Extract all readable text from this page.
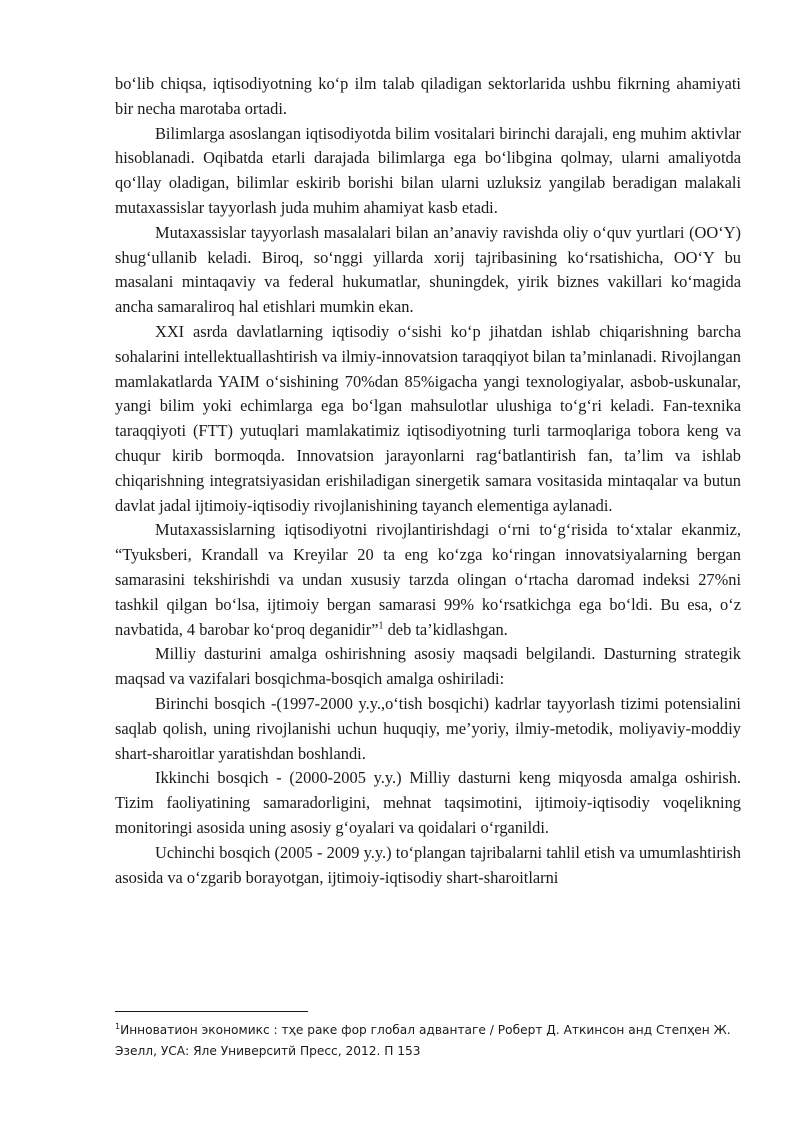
bo‘lib chiqsa, iqtisodiyotning ko‘p ilm talab qiladigan sektorlarida ushbu fikrning ahamiyati bir necha marotaba ortadi.

Bilimlarga asoslangan iqtisodiyotda bilim vositalari birinchi darajali, eng muhim aktivlar hisoblanadi. Oqibatda etarli darajada bilimlarga ega bo‘libgina qolmay, ularni amaliyotda qo‘llay oladigan, bilimlar eskirib borishi bilan ularni uzluksiz yangilab beradigan malakali mutaxassislar tayyorlash juda muhim ahamiyat kasb etadi.

Mutaxassislar tayyorlash masalalari bilan an’anaviy ravishda oliy o‘quv yurtlari (OO‘Y) shug‘ullanib keladi. Biroq, so‘nggi yillarda xorij tajribasining ko‘rsatishicha, OO‘Y bu masalani mintaqaviy va federal hukumatlar, shuningdek, yirik biznes vakillari ko‘magida ancha samaraliroq hal etishlari mumkin ekan.

XXI asrda davlatlarning iqtisodiy o‘sishi ko‘p jihatdan ishlab chiqarishning barcha sohalarini intellektuallashtirish va ilmiy-innovatsion taraqqiyot bilan ta’minlanadi. Rivojlangan mamlakatlarda YAIM o‘sishining 70%dan 85%igacha yangi texnologiyalar, asbob-uskunalar, yangi bilim yoki echimlarga ega bo‘lgan mahsulotlar ulushiga to‘g‘ri keladi. Fan-texnika taraqqiyoti (FTT) yutuqlari mamlakatimiz iqtisodiyotning turli tarmoqlariga tobora keng va chuqur kirib bormoqda. Innovatsion jarayonlarni rag‘batlantirish fan, ta’lim va ishlab chiqarishning integratsiyasidan erishiladigan sinergetik samara vositasida mintaqalar va butun davlat jadal ijtimoiy-iqtisodiy rivojlanishining tayanch elementiga aylanadi.

Mutaxassislarning iqtisodiyotni rivojlantirishdagi o‘rni to‘g‘risida to‘xtalar ekanmiz, “Tyuksberi, Krandall va Kreyilar 20 ta eng ko‘zga ko‘ringan innovatsiyalarning bergan samarasini tekshirishdi va undan xususiy tarzda olingan o‘rtacha daromad indeksi 27%ni tashkil qilgan bo‘lsa, ijtimoiy bergan samarasi 99% ko‘rsatkichga ega bo‘ldi. Bu esa, o‘z navbatida, 4 barobar ko‘proq deganidir”$^1$ deb ta’kidlashgan.

Milliy dasturini amalga oshirishning asosiy maqsadi belgilandi. Dasturning strategik maqsad va vazifalari bosqichma-bosqich amalga oshiriladi:

Birinchi bosqich -(1997-2000 y.y.,o‘tish bosqichi) kadrlar tayyorlash tizimi potensialini saqlab qolish, uning rivojlanishi uchun huquqiy, me’yoriy, ilmiy-metodik, moliyaviy-moddiy shart-sharoitlar yaratishdan boshlandi.

Ikkinchi bosqich - (2000-2005 y.y.) Milliy dasturni keng miqyosda amalga oshirish. Tizim faoliyatining samaradorligini, mehnat taqsimotini, ijtimoiy-iqtisodiy voqelikning monitoringi asosida uning asosiy g‘oyalari va qoidalari o‘rganildi.

Uchinchi bosqich (2005 - 2009 y.y.) to‘plangan tajribalarni tahlil etish va umumlashtirish asosida va o‘zgarib borayotgan, ijtimoiy-iqtisodiy shart-sharoitlarni

$^1$Инноватион экономикс : тҳе раке фор глобал адвантаге / Роберт Д. Аткинсон анд Степҳен Ж. Эзелл, УСА: Яле Университй Пресс, 2012. П 153
